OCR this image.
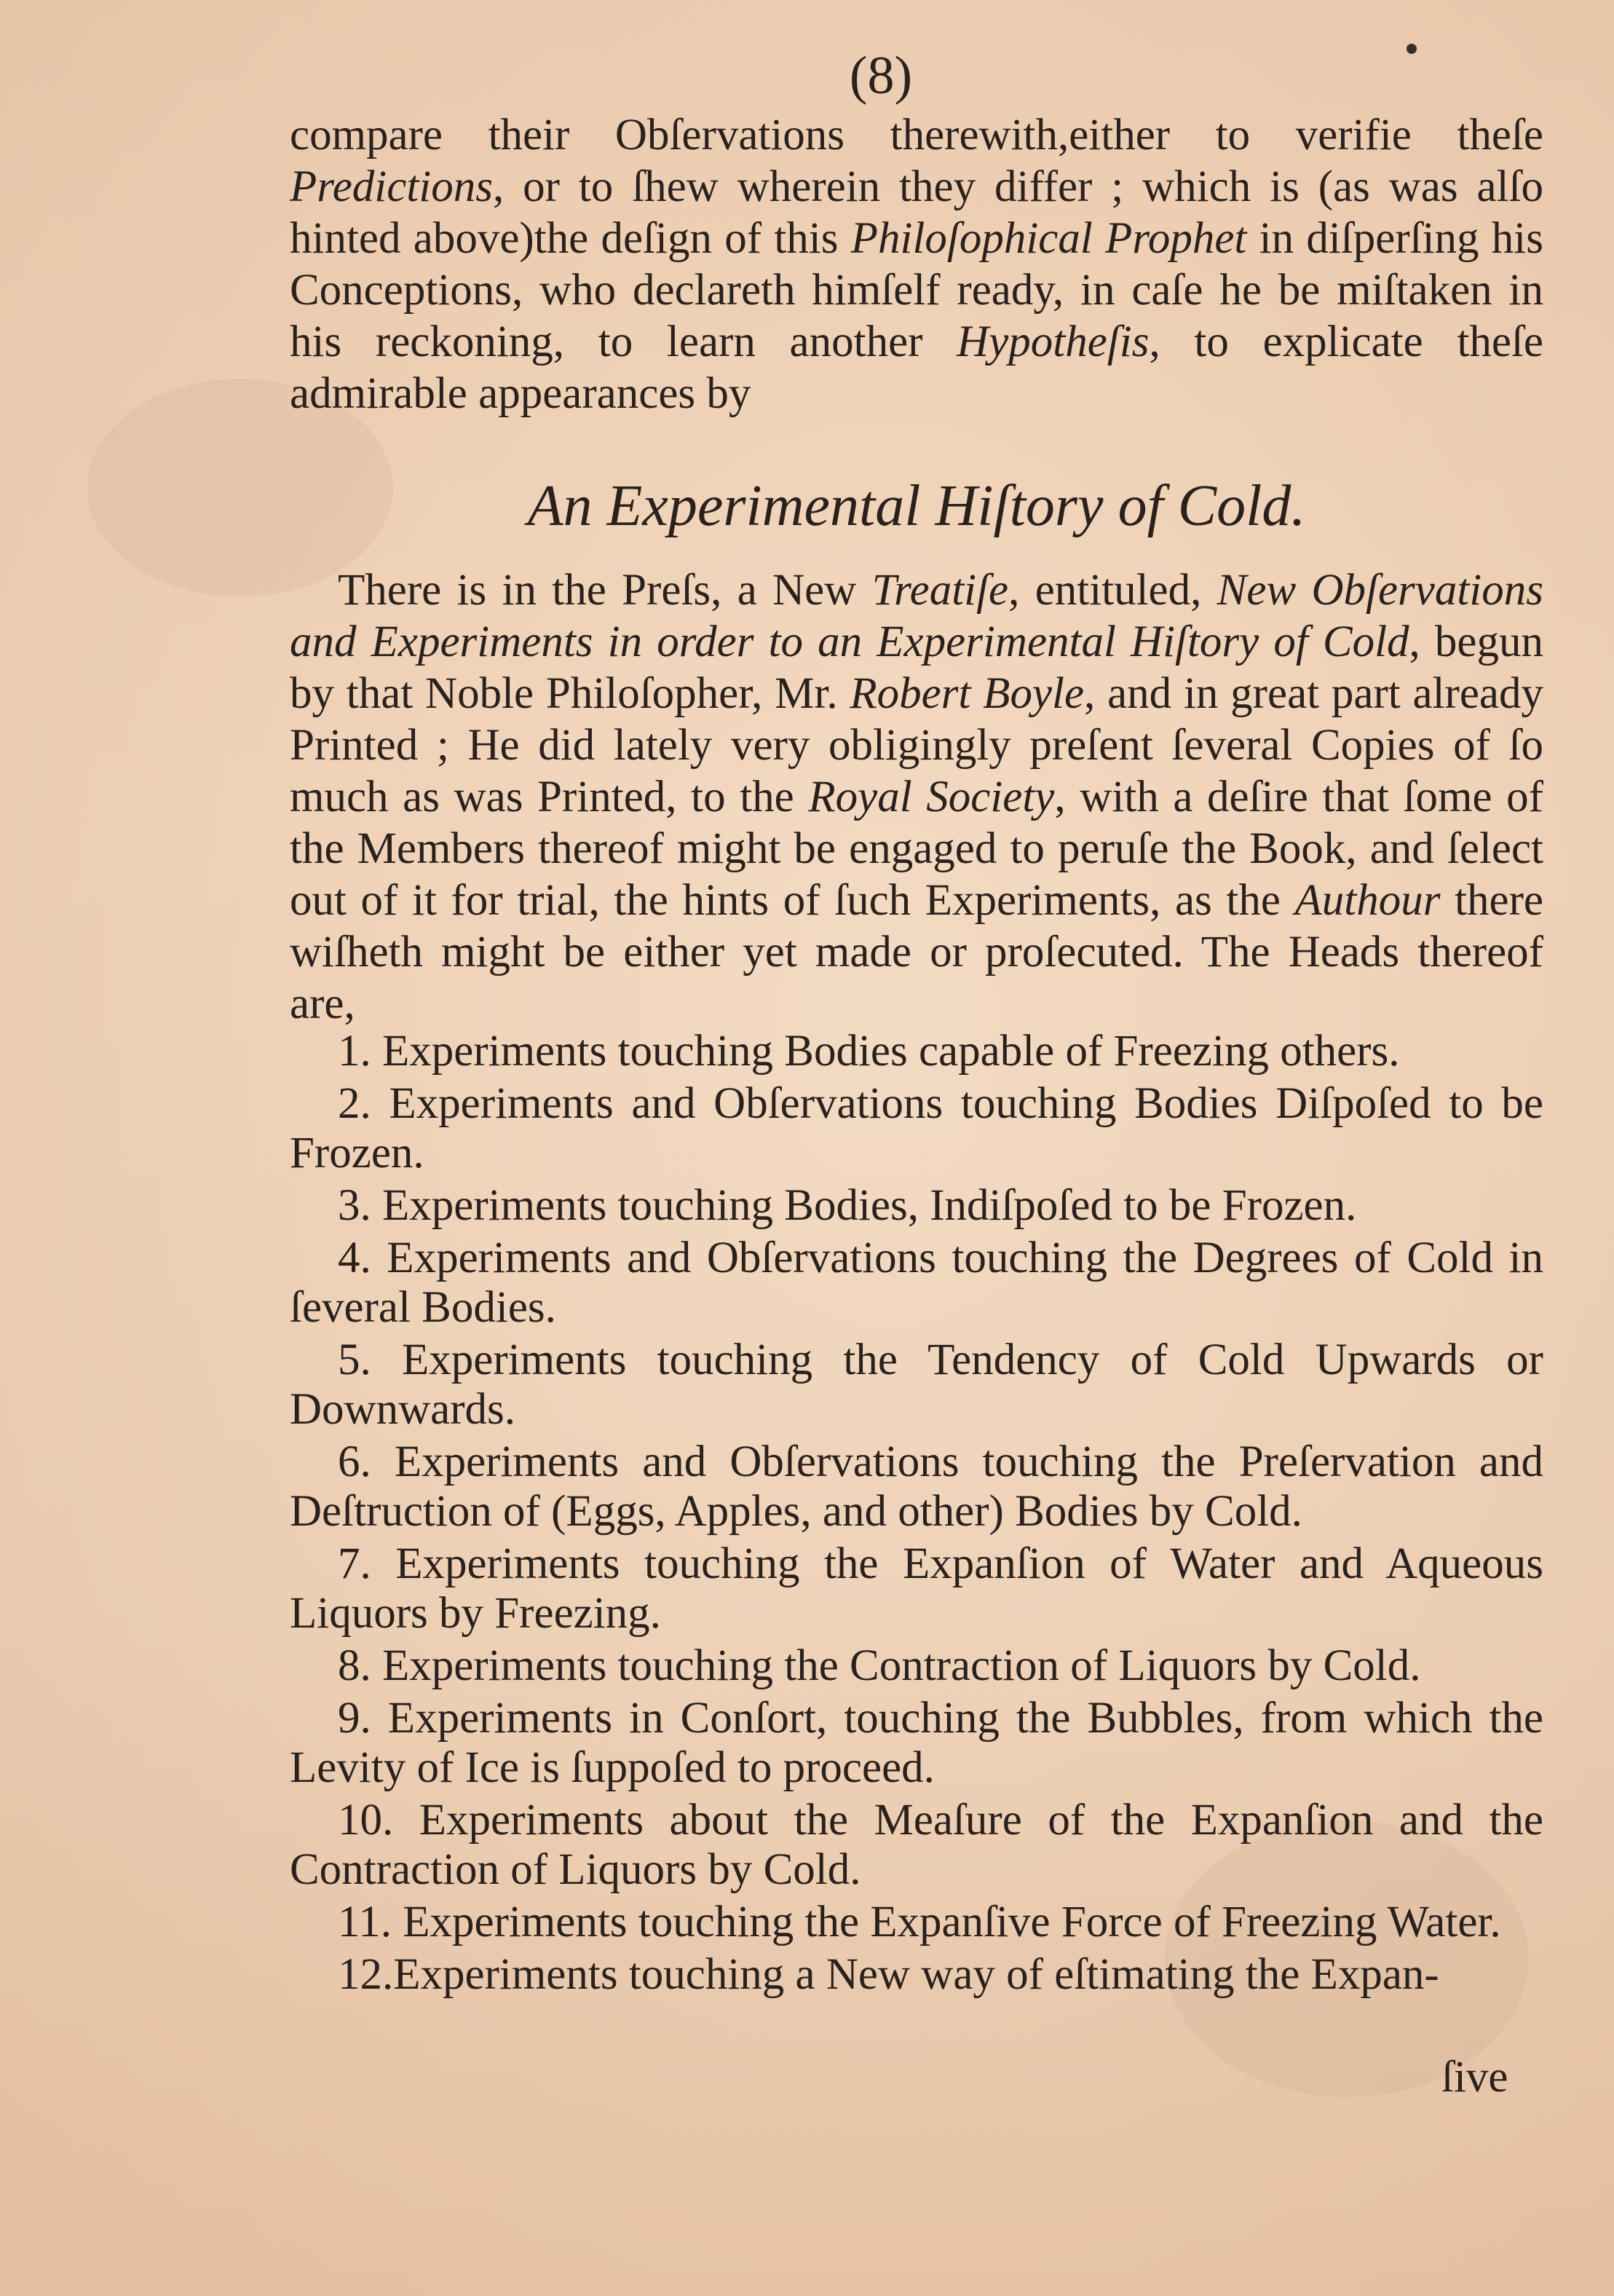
(8)
compare their Obſervations therewith,either to verifie theſe Predictions, or to ſhew wherein they differ ; which is (as was alſo hinted above)the deſign of this Philoſophical Prophet in diſperſing his Conceptions, who declareth himſelf ready, in caſe he be miſtaken in his reckoning, to learn another Hypotheſis, to explicate theſe admirable appearances by
An Experimental Hiſtory of Cold.
There is in the Preſs, a New Treatiſe, entituled, New Obſervations and Experiments in order to an Experimental Hiſtory of Cold, begun by that Noble Philoſopher, Mr. Robert Boyle, and in great part already Printed ; He did lately very obligingly preſent ſeveral Copies of ſo much as was Printed, to the Royal Society, with a deſire that ſome of the Members thereof might be engaged to peruſe the Book, and ſelect out of it for trial, the hints of ſuch Experiments, as the Authour there wiſheth might be either yet made or proſecuted. The Heads thereof are,
1. Experiments touching Bodies capable of Freezing others.
2. Experiments and Obſervations touching Bodies Diſpoſed to be Frozen.
3. Experiments touching Bodies, Indiſpoſed to be Frozen.
4. Experiments and Obſervations touching the Degrees of Cold in ſeveral Bodies.
5. Experiments touching the Tendency of Cold Upwards or Downwards.
6. Experiments and Obſervations touching the Preſervation and Deſtruction of (Eggs, Apples, and other) Bodies by Cold.
7. Experiments touching the Expanſion of Water and Aqueous Liquors by Freezing.
8. Experiments touching the Contraction of Liquors by Cold.
9. Experiments in Conſort, touching the Bubbles, from which the Levity of Ice is ſuppoſed to proceed.
10. Experiments about the Meaſure of the Expanſion and the Contraction of Liquors by Cold.
11. Experiments touching the Expanſive Force of Freezing Water.
12.Experiments touching a New way of eſtimating the Expan-
ſive
